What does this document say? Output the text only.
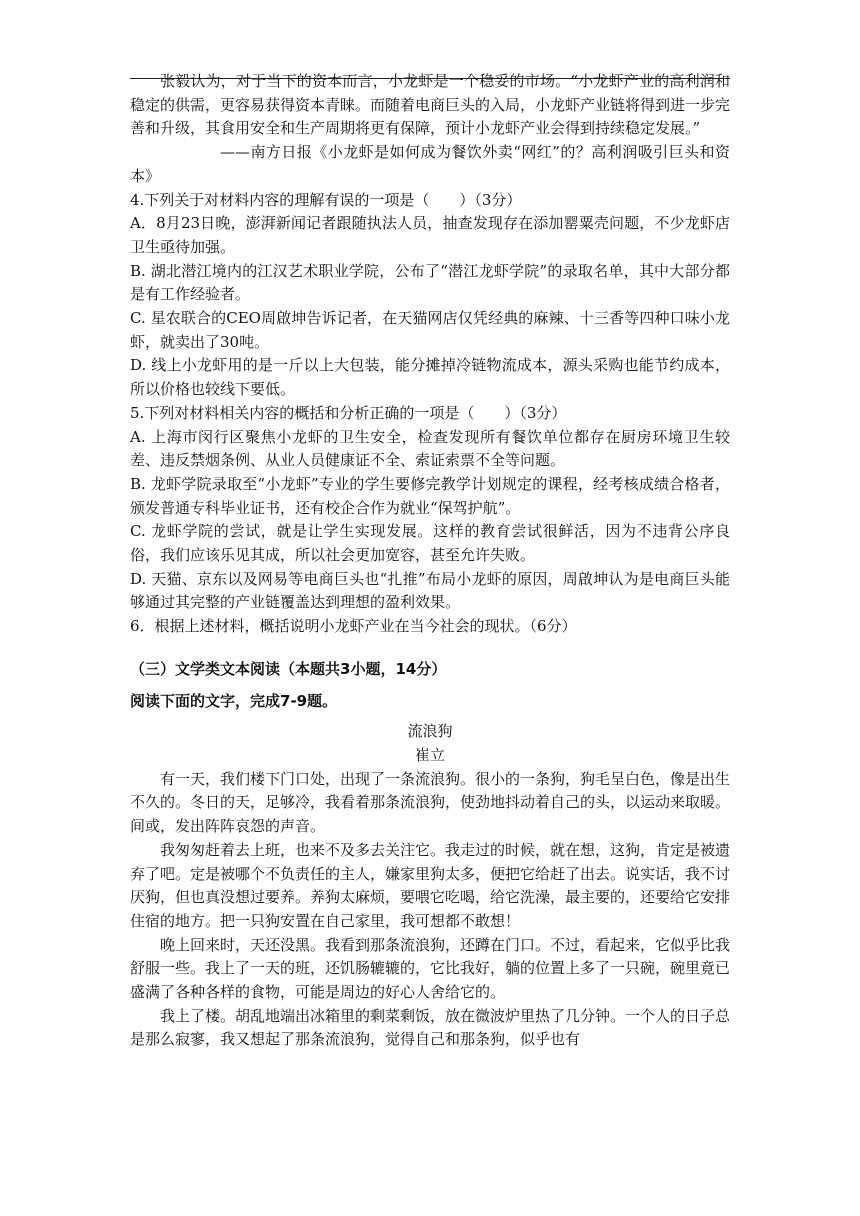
张毅认为，对于当下的资本而言，小龙虾是一个稳妥的市场。“小龙虾产业的高利润和稳定的供需，更容易获得资本青睐。而随着电商巨头的入局，小龙虾产业链将得到进一步完善和升级，其食用安全和生产周期将更有保障，预计小龙虾产业会得到持续稳定发展。”

——南方日报《小龙虾是如何成为餐饮外卖“网红”的？高利润吸引巨头和资本》

4.下列关于对材料内容的理解有误的一项是（　　）（3分）

A．8月23日晚，澎湃新闻记者跟随执法人员，抽查发现存在添加罂粟壳问题，不少龙虾店卫生亟待加强。

B. 湖北潜江境内的江汉艺术职业学院，公布了“潜江龙虾学院”的录取名单，其中大部分都是有工作经验者。

C. 星农联合的CEO周啟坤告诉记者，在天猫网店仅凭经典的麻辣、十三香等四种口味小龙虾，就卖出了30吨。

D. 线上小龙虾用的是一斤以上大包装，能分摊掉冷链物流成本，源头采购也能节约成本，所以价格也较线下要低。

5.下列对材料相关内容的概括和分析正确的一项是（　　）（3分）

A. 上海市闵行区聚焦小龙虾的卫生安全，检查发现所有餐饮单位都存在厨房环境卫生较差、违反禁烟条例、从业人员健康证不全、索证索票不全等问题。

B. 龙虾学院录取至“小龙虾”专业的学生要修完教学计划规定的课程，经考核成绩合格者，颁发普通专科毕业证书，还有校企合作为就业“保驾护航”。

C. 龙虾学院的尝试，就是让学生实现发展。这样的教育尝试很鲜活，因为不违背公序良俗，我们应该乐见其成，所以社会更加宽容，甚至允许失败。

D. 天猫、京东以及网易等电商巨头也“扎推”布局小龙虾的原因，周啟坤认为是电商巨头能够通过其完整的产业链覆盖达到理想的盈利效果。

6．根据上述材料，概括说明小龙虾产业在当今社会的现状。（6分）

（三）文学类文本阅读（本题共3小题，14分）

阅读下面的文字，完成7-9题。

流浪狗

崔立

有一天，我们楼下门口处，出现了一条流浪狗。很小的一条狗，狗毛呈白色，像是出生不久的。冬日的天，足够冷，我看着那条流浪狗，使劲地抖动着自己的头，以运动来取暖。间或，发出阵阵哀怨的声音。

我匆匆赶着去上班，也来不及多去关注它。我走过的时候，就在想，这狗，肯定是被遗弃了吧。定是被哪个不负责任的主人，嫌家里狗太多，便把它给赶了出去。说实话，我不讨厌狗，但也真没想过要养。养狗太麻烦，要喂它吃喝，给它洗澡，最主要的，还要给它安排住宿的地方。把一只狗安置在自己家里，我可想都不敢想！

晚上回来时，天还没黑。我看到那条流浪狗，还蹲在门口。不过，看起来，它似乎比我舒服一些。我上了一天的班，还饥肠辘辘的，它比我好，躺的位置上多了一只碗，碗里竟已盛满了各种各样的食物，可能是周边的好心人舍给它的。

我上了楼。胡乱地端出冰箱里的剩菜剩饭，放在微波炉里热了几分钟。一个人的日子总是那么寂寥，我又想起了那条流浪狗，觉得自己和那条狗，似乎也有
